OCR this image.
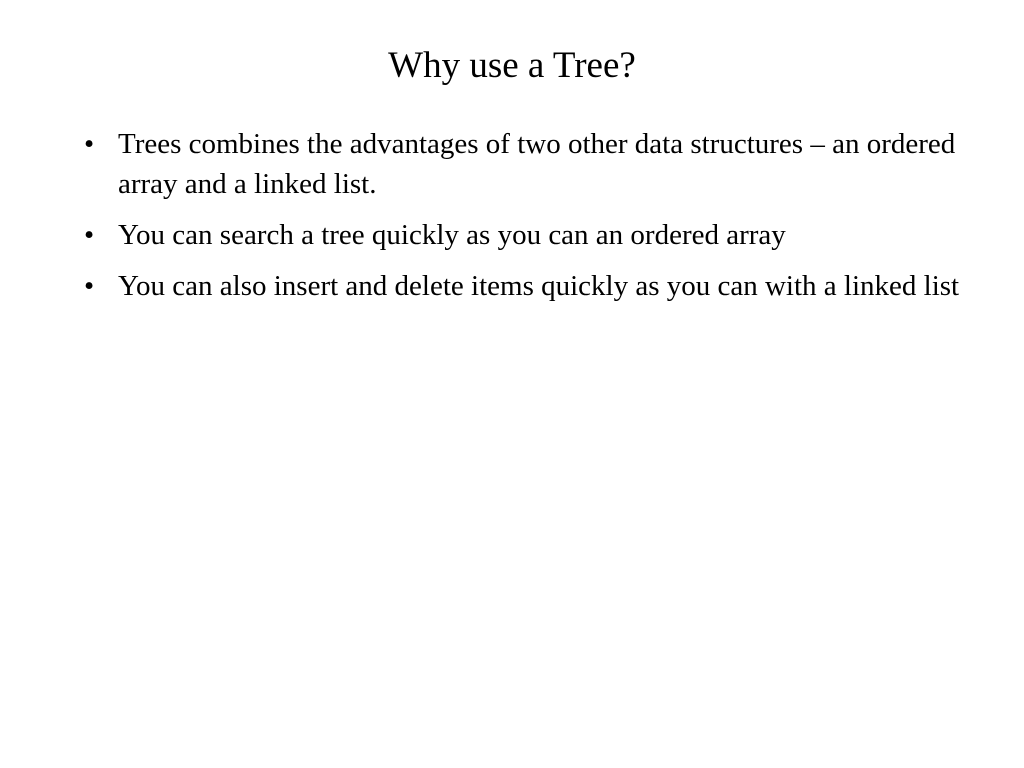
Why use a Tree?
• Trees combines the advantages of two other data structures – an ordered array and a linked list.
• You can search a tree quickly as you can an ordered array
• You can also insert and delete items quickly as you can with a linked list
